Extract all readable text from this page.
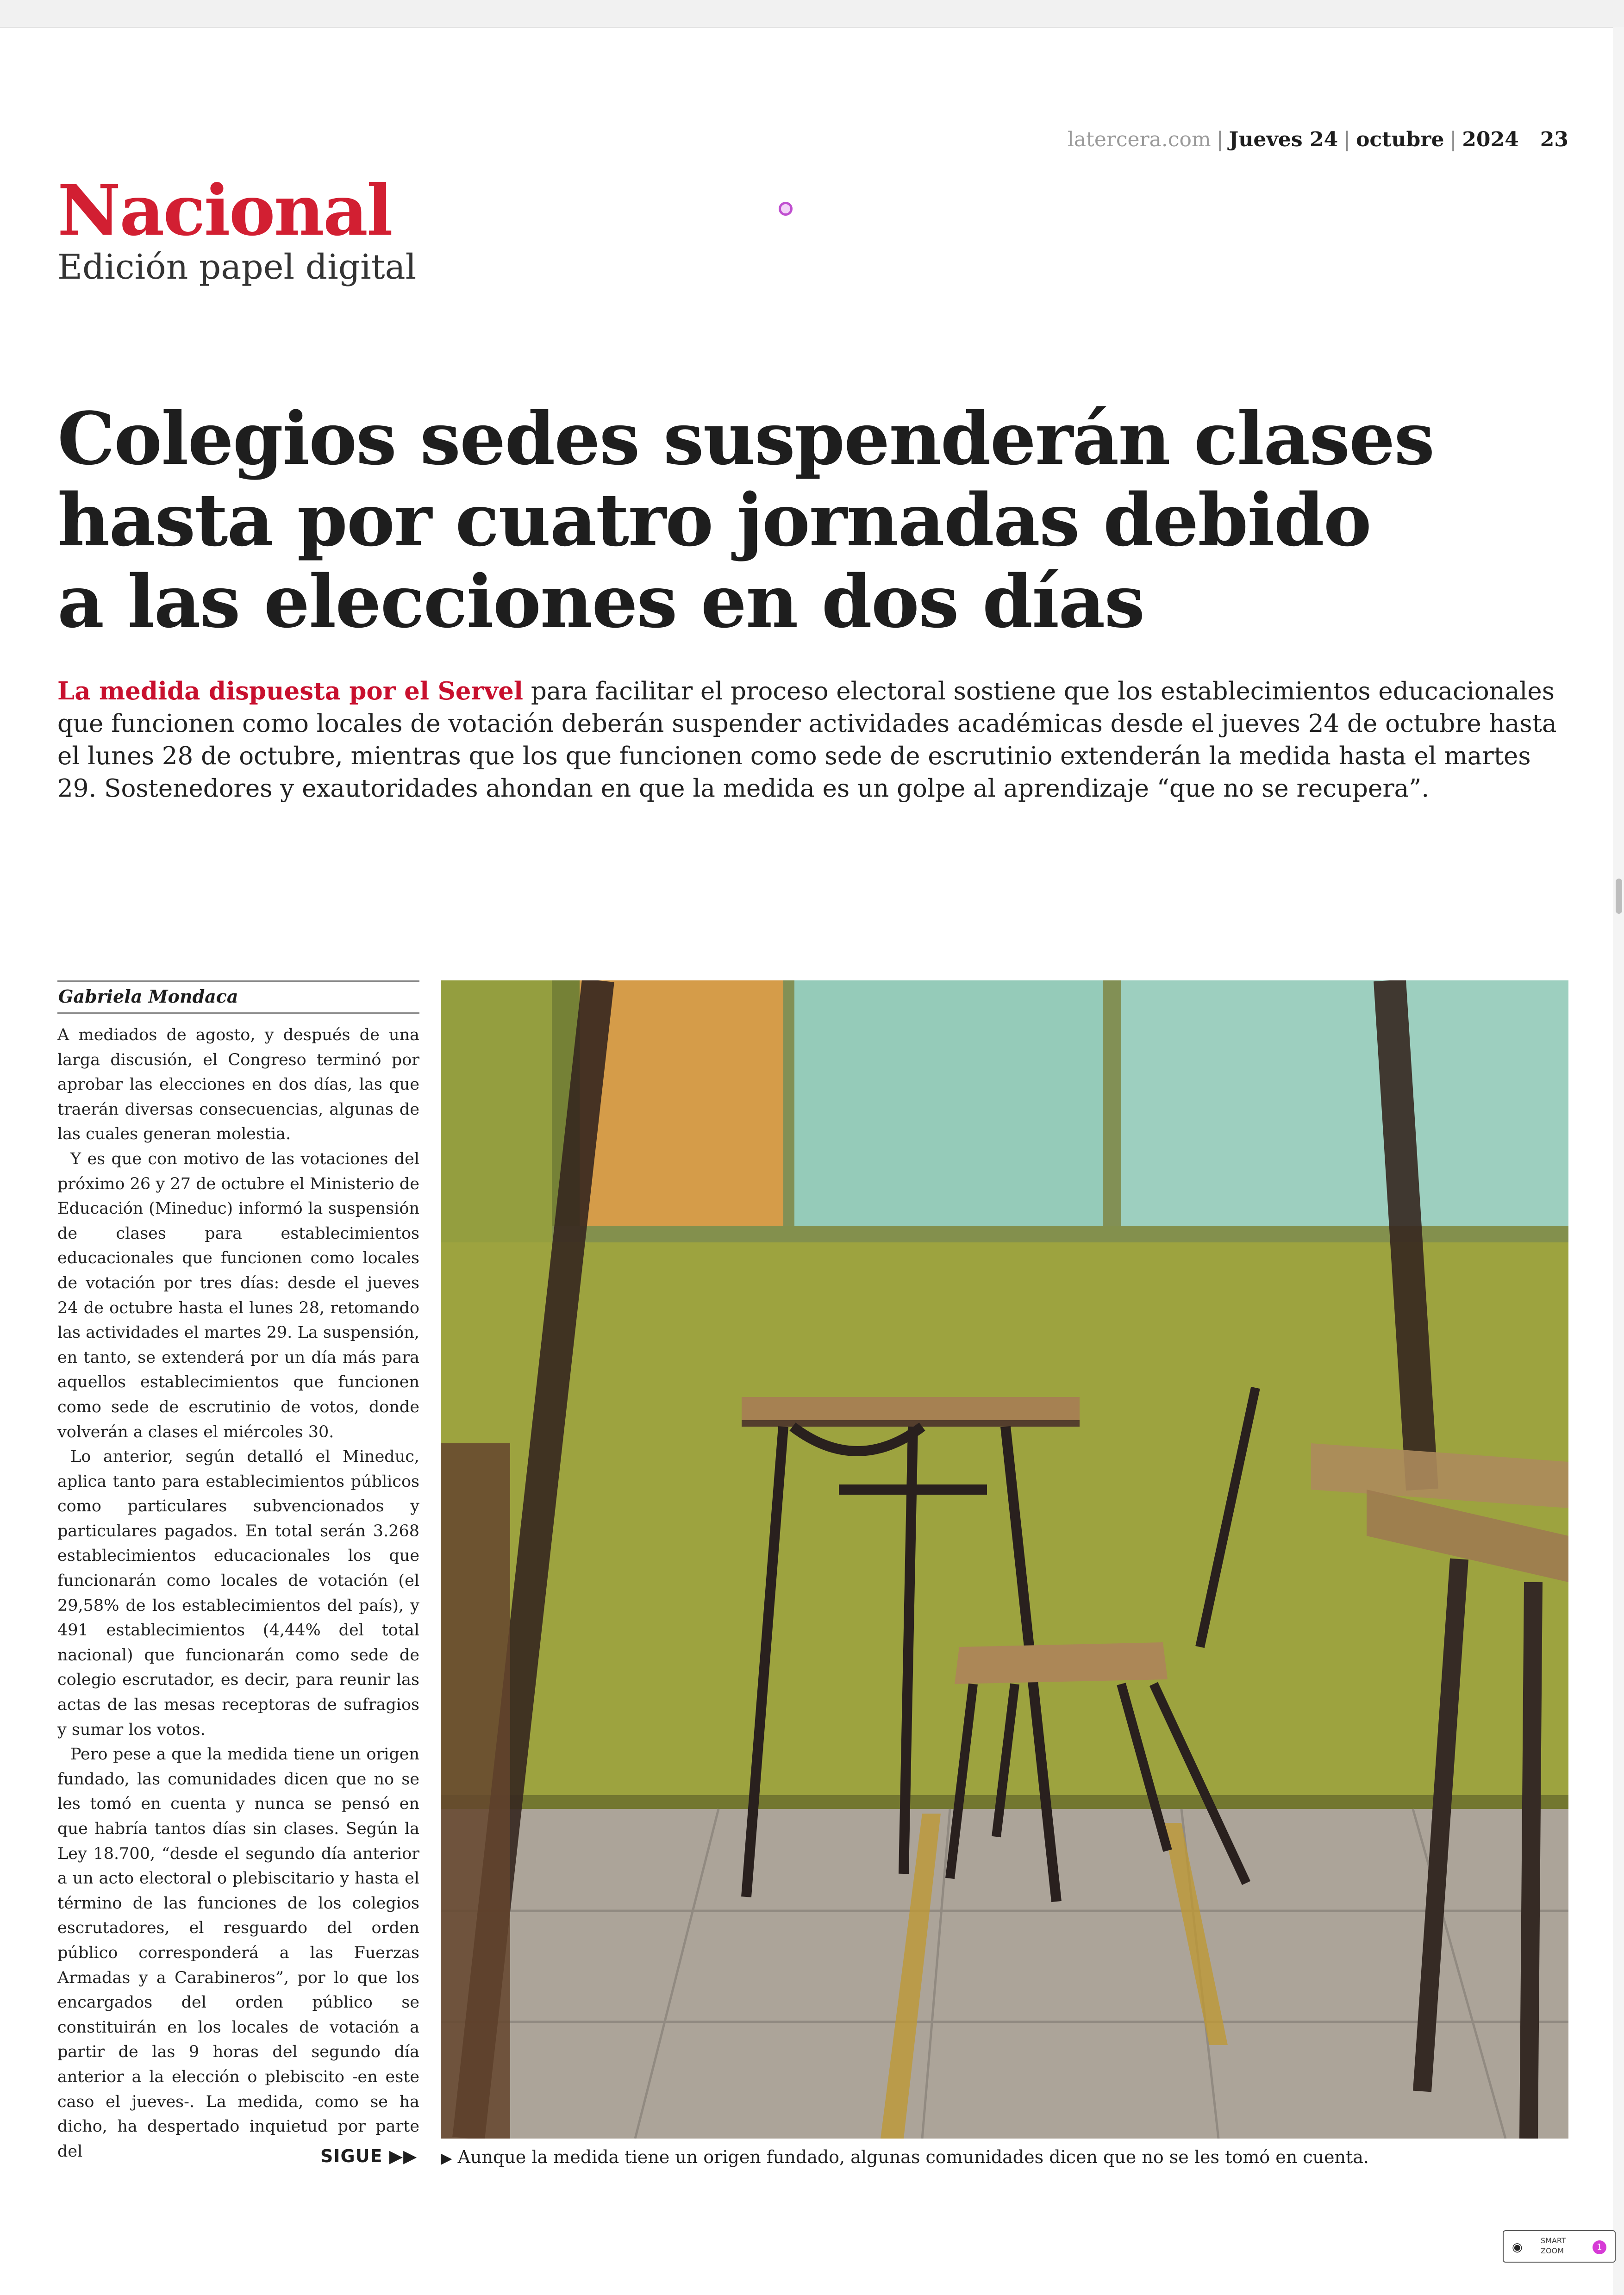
latercera.com | Jueves 24 | octubre | 2024 23
Nacional
Edición papel digital
Colegios sedes suspenderán clases
hasta por cuatro jornadas debido
a las elecciones en dos días

La medida dispuesta por el Servel para facilitar el proceso electoral sostiene que los establecimientos educacionales que funcionen como locales de votación deberán suspender actividades académicas desde el jueves 24 de octubre hasta el lunes 28 de octubre, mientras que los que funcionen como sede de escrutinio extenderán la medida hasta el martes 29. Sostenedores y exautoridades ahondan en que la medida es un golpe al aprendizaje “que no se recupera”.

Gabriela Mondaca

A mediados de agosto, y después de una larga discusión, el Congreso terminó por aprobar las elecciones en dos días, las que traerán diversas consecuencias, algunas de las cuales generan molestia.

Y es que con motivo de las votaciones del próximo 26 y 27 de octubre el Ministerio de Educación (Mineduc) informó la suspensión de clases para establecimientos educacionales que funcionen como locales de votación por tres días: desde el jueves 24 de octubre hasta el lunes 28, retomando las actividades el martes 29. La suspensión, en tanto, se extenderá por un día más para aquellos establecimientos que funcionen como sede de escrutinio de votos, donde volverán a clases el miércoles 30.

Lo anterior, según detalló el Mineduc, aplica tanto para establecimientos públicos como particulares subvencionados y particulares pagados. En total serán 3.268 establecimientos educacionales los que funcionarán como locales de votación (el 29,58% de los establecimientos del país), y 491 establecimientos (4,44% del total nacional) que funcionarán como sede de colegio escrutador, es decir, para reunir las actas de las mesas receptoras de sufragios y sumar los votos.

Pero pese a que la medida tiene un origen fundado, las comunidades dicen que no se les tomó en cuenta y nunca se pensó en que habría tantos días sin clases. Según la Ley 18.700, “desde el segundo día anterior a un acto electoral o plebiscitario y hasta el término de las funciones de los colegios escrutadores, el resguardo del orden público corresponderá a las Fuerzas Armadas y a Carabineros”, por lo que los encargados del orden público se constituirán en los locales de votación a partir de las 9 horas del segundo día anterior a la elección o plebiscito -en este caso el jueves-. La medida, como se ha dicho, ha despertado inquietud por parte del	SIGUE ▶▶ ▶ Aunque la medida tiene un origen fundado, algunas comunidades dicen que no se les tomó en cuenta.
◉ SMART ZOOM	1
